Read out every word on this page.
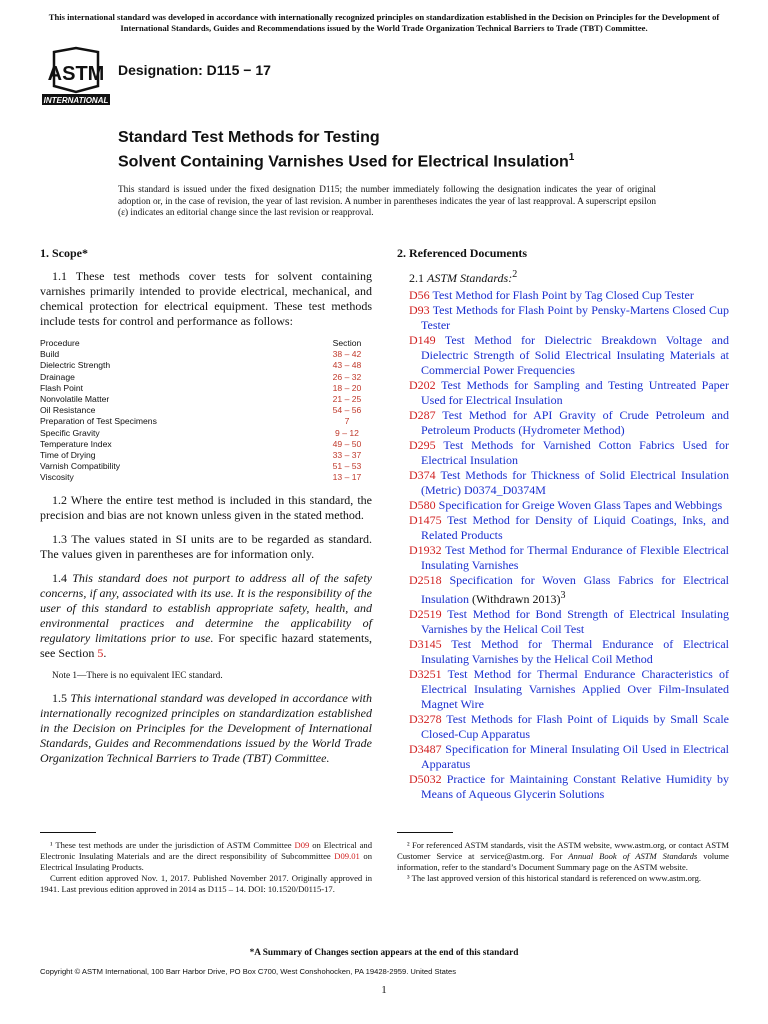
This international standard was developed in accordance with internationally recognized principles on standardization established in the Decision on Principles for the Development of International Standards, Guides and Recommendations issued by the World Trade Organization Technical Barriers to Trade (TBT) Committee.
ASTM
INTERNATIONAL
Designation: D115 − 17
Standard Test Methods for Testing
Solvent Containing Varnishes Used for Electrical Insulation$^1$
This standard is issued under the fixed designation D115; the number immediately following the designation indicates the year of original adoption or, in the case of revision, the year of last revision. A number in parentheses indicates the year of last reapproval. A superscript epsilon (ε) indicates an editorial change since the last revision or reapproval.
1. Scope*

1.1 These test methods cover tests for solvent containing varnishes primarily intended to provide electrical, mechanical, and chemical protection for electrical equipment. These test methods include tests for control and performance as follows:

Procedure	Section
Build	38 – 42
Dielectric Strength	43 – 48
Drainage	26 – 32
Flash Point	18 – 20
Nonvolatile Matter	21 – 25
Oil Resistance	54 – 56
Preparation of Test Specimens	7
Specific Gravity	9 – 12
Temperature Index	49 – 50
Time of Drying	33 – 37
Varnish Compatibility	51 – 53
Viscosity	13 – 17

1.2 Where the entire test method is included in this standard, the precision and bias are not known unless given in the stated method.

1.3 The values stated in SI units are to be regarded as standard. The values given in parentheses are for information only.

1.4 This standard does not purport to address all of the safety concerns, if any, associated with its use. It is the responsibility of the user of this standard to establish appropriate safety, health, and environmental practices and determine the applicability of regulatory limitations prior to use. For specific hazard statements, see Section 5.

Note 1—There is no equivalent IEC standard.

1.5 This international standard was developed in accordance with internationally recognized principles on standardization established in the Decision on Principles for the Development of International Standards, Guides and Recommendations issued by the World Trade Organization Technical Barriers to Trade (TBT) Committee.

2. Referenced Documents
2.1 ASTM Standards:$^2$
D56 Test Method for Flash Point by Tag Closed Cup Tester
D93 Test Methods for Flash Point by Pensky-Martens Closed Cup Tester
D149 Test Method for Dielectric Breakdown Voltage and Dielectric Strength of Solid Electrical Insulating Materials at Commercial Power Frequencies
D202 Test Methods for Sampling and Testing Untreated Paper Used for Electrical Insulation
D287 Test Method for API Gravity of Crude Petroleum and Petroleum Products (Hydrometer Method)
D295 Test Methods for Varnished Cotton Fabrics Used for Electrical Insulation
D374 Test Methods for Thickness of Solid Electrical Insulation (Metric) D0374_D0374M
D580 Specification for Greige Woven Glass Tapes and Webbings
D1475 Test Method for Density of Liquid Coatings, Inks, and Related Products
D1932 Test Method for Thermal Endurance of Flexible Electrical Insulating Varnishes
D2518 Specification for Woven Glass Fabrics for Electrical Insulation (Withdrawn 2013)$^3$
D2519 Test Method for Bond Strength of Electrical Insulating Varnishes by the Helical Coil Test
D3145 Test Method for Thermal Endurance of Electrical Insulating Varnishes by the Helical Coil Method
D3251 Test Method for Thermal Endurance Characteristics of Electrical Insulating Varnishes Applied Over Film-Insulated Magnet Wire
D3278 Test Methods for Flash Point of Liquids by Small Scale Closed-Cup Apparatus
D3487 Specification for Mineral Insulating Oil Used in Electrical Apparatus
D5032 Practice for Maintaining Constant Relative Humidity by Means of Aqueous Glycerin Solutions

¹ These test methods are under the jurisdiction of ASTM Committee D09 on Electrical and Electronic Insulating Materials and are the direct responsibility of Subcommittee D09.01 on Electrical Insulating Products.

Current edition approved Nov. 1, 2017. Published November 2017. Originally approved in 1941. Last previous edition approved in 2014 as D115 – 14. DOI: 10.1520/D0115-17.

² For referenced ASTM standards, visit the ASTM website, www.astm.org, or contact ASTM Customer Service at service@astm.org. For Annual Book of ASTM Standards volume information, refer to the standard’s Document Summary page on the ASTM website.

³ The last approved version of this historical standard is referenced on www.astm.org.

*A Summary of Changes section appears at the end of this standard
Copyright © ASTM International, 100 Barr Harbor Drive, PO Box C700, West Conshohocken, PA 19428-2959. United States
1
